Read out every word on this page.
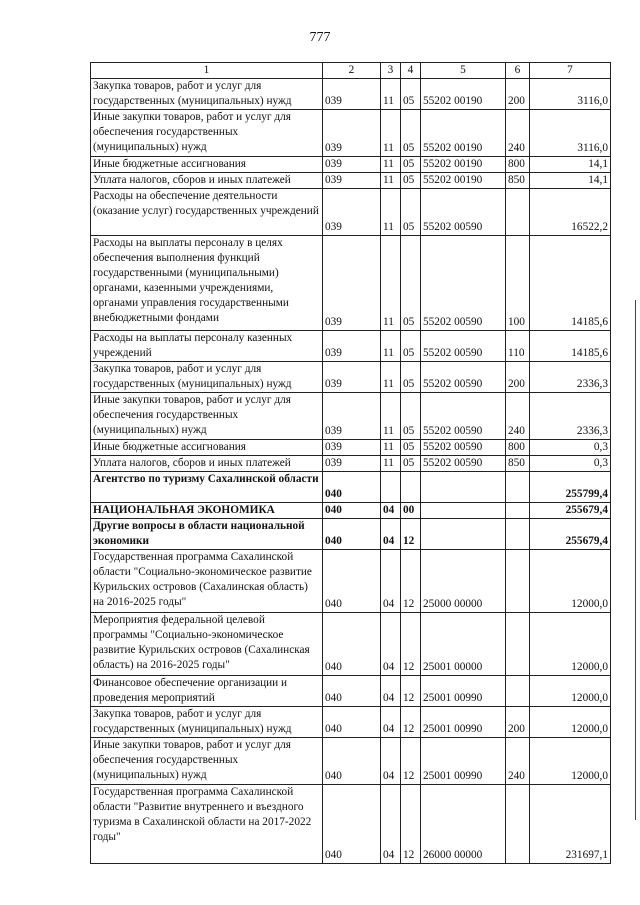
777
1	2	3	4	5	6	7
Закупка товаров, работ и услуг для государственных (муниципальных) нужд	039	11	05	55202 00190	200	3116,0
Иные закупки товаров, работ и услуг для обеспечения государственных (муниципальных) нужд	039	11	05	55202 00190	240	3116,0
Иные бюджетные ассигнования	039	11	05	55202 00190	800	14,1
Уплата налогов, сборов и иных платежей	039	11	05	55202 00190	850	14,1
Расходы на обеспечение деятельности (оказание услуг) государственных учреждений	039	11	05	55202 00590		16522,2
Расходы на выплаты персоналу в целях обеспечения выполнения функций государственными (муниципальными) органами, казенными учреждениями, органами управления государственными внебюджетными фондами	039	11	05	55202 00590	100	14185,6
Расходы на выплаты персоналу казенных учреждений	039	11	05	55202 00590	110	14185,6
Закупка товаров, работ и услуг для государственных (муниципальных) нужд	039	11	05	55202 00590	200	2336,3
Иные закупки товаров, работ и услуг для обеспечения государственных (муниципальных) нужд	039	11	05	55202 00590	240	2336,3
Иные бюджетные ассигнования	039	11	05	55202 00590	800	0,3
Уплата налогов, сборов и иных платежей	039	11	05	55202 00590	850	0,3
Агентство по туризму Сахалинской области	040					255799,4
НАЦИОНАЛЬНАЯ ЭКОНОМИКА	040	04	00			255679,4
Другие вопросы в области национальной экономики	040	04	12			255679,4
Государственная программа Сахалинской области "Социально-экономическое развитие Курильских островов (Сахалинская область) на 2016-2025 годы"	040	04	12	25000 00000		12000,0
Мероприятия федеральной целевой программы "Социально-экономическое развитие Курильских островов (Сахалинская область) на 2016-2025 годы"	040	04	12	25001 00000		12000,0
Финансовое обеспечение организации и проведения мероприятий	040	04	12	25001 00990		12000,0
Закупка товаров, работ и услуг для государственных (муниципальных) нужд	040	04	12	25001 00990	200	12000,0
Иные закупки товаров, работ и услуг для обеспечения государственных (муниципальных) нужд	040	04	12	25001 00990	240	12000,0
Государственная программа Сахалинской области "Развитие внутреннего и въездного туризма в Сахалинской области на 2017-2022 годы"	040	04	12	26000 00000		231697,1
